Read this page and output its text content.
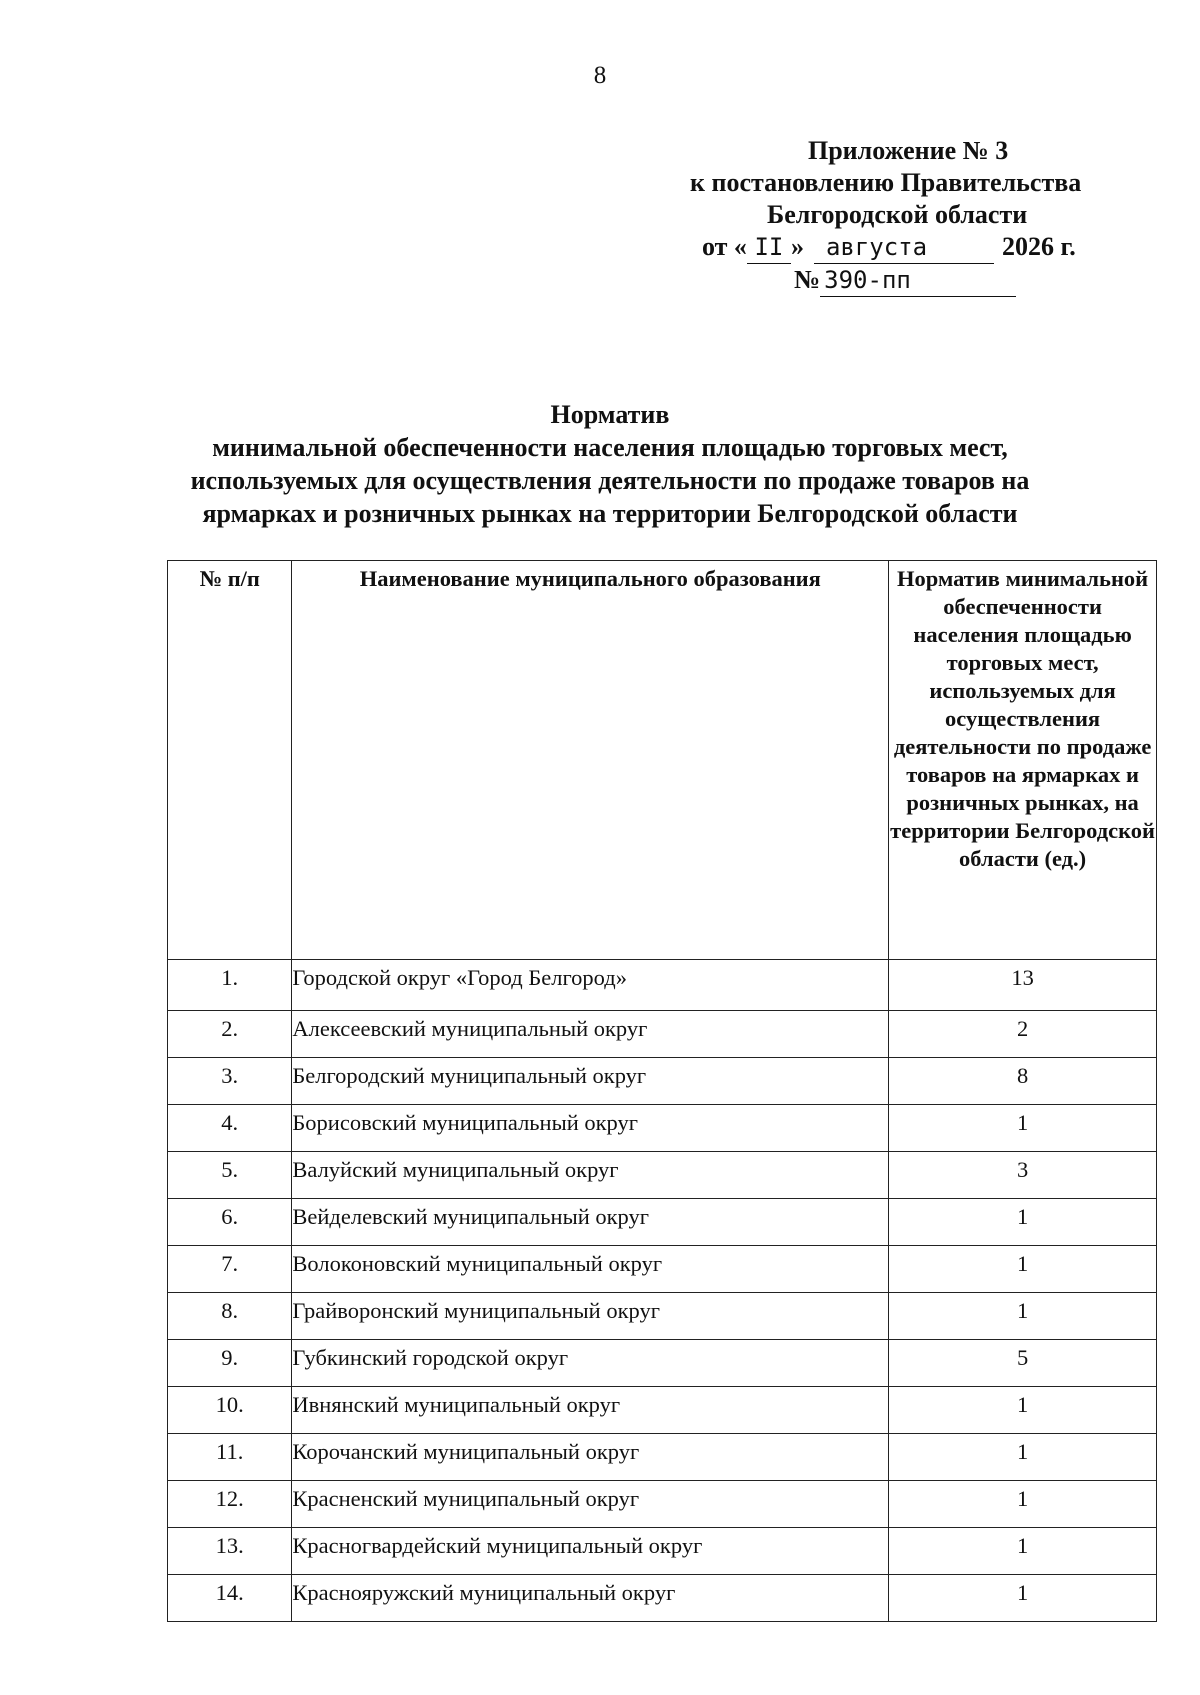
8
Приложение № 3
к постановлению Правительства
Белгородской области
от « II » августа	2026 г.
№ 390-пп
Норматив
минимальной обеспеченности населения площадью торговых мест, используемых для осуществления деятельности по продаже товаров на ярмарках и розничных рынках на территории Белгородской области
№ п/п	Наименование муниципального образования	Норматив минимальной обеспеченности населения площадью торговых мест, используемых для осуществления деятельности по продаже товаров на ярмарках и розничных рынках, на территории Белгородской области (ед.)
1.	Городской округ «Город Белгород»	13
2.	Алексеевский муниципальный округ	2
3.	Белгородский муниципальный округ	8
4.	Борисовский муниципальный округ	1
5.	Валуйский муниципальный округ	3
6.	Вейделевский муниципальный округ	1
7.	Волоконовский муниципальный округ	1
8.	Грайворонский муниципальный округ	1
9.	Губкинский городской округ	5
10.	Ивнянский муниципальный округ	1
11.	Корочанский муниципальный округ	1
12.	Красненский муниципальный округ	1
13.	Красногвардейский муниципальный округ	1
14.	Краснояружский муниципальный округ	1
